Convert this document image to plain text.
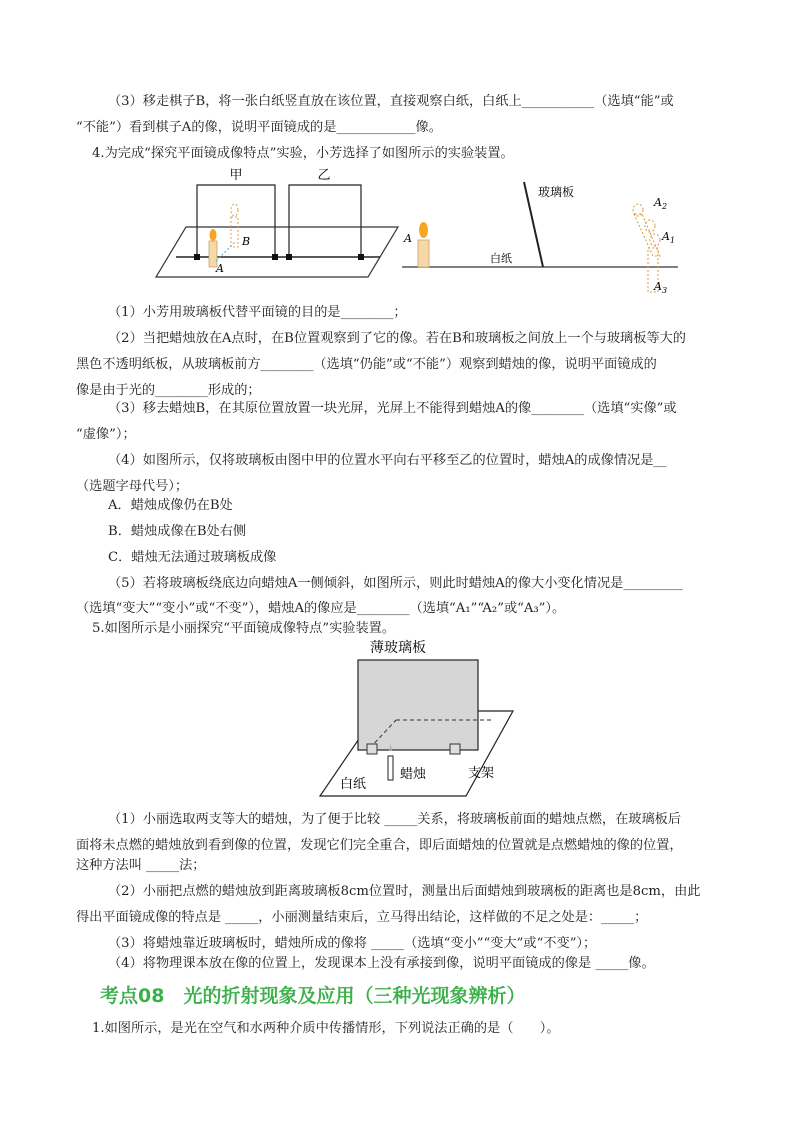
（3）移走棋子B，将一张白纸竖直放在该位置，直接观察白纸，白纸上___________（选填“能”或
“不能”）看到棋子A的像，说明平面镜成的是____________像。
4.为完成“探究平面镜成像特点”实验，小芳选择了如图所示的实验装置。
（1）小芳用玻璃板代替平面镜的目的是________；
（2）当把蜡烛放在A点时，在B位置观察到了它的像。若在B和玻璃板之间放上一个与玻璃板等大的
黑色不透明纸板，从玻璃板前方________（选填“仍能”或“不能”）观察到蜡烛的像，说明平面镜成的
像是由于光的________形成的；
（3）移去蜡烛B，在其原位置放置一块光屏，光屏上不能得到蜡烛A的像________（选填“实像”或
“虚像”）；
（4）如图所示，仅将玻璃板由图中甲的位置水平向右平移至乙的位置时，蜡烛A的成像情况是__
（选题字母代号）；
A．蜡烛成像仍在B处
B．蜡烛成像在B处右侧
C．蜡烛无法通过玻璃板成像
（5）若将玻璃板绕底边向蜡烛A一侧倾斜，如图所示，则此时蜡烛A的像大小变化情况是_________
（选填“变大”“变小”或“不变”），蜡烛A的像应是________（选填“A₁”“A₂”或“A₃”）。
5.如图所示是小丽探究“平面镜成像特点”实验装置。
（1）小丽选取两支等大的蜡烛，为了便于比较 _____关系，将玻璃板前面的蜡烛点燃，在玻璃板后
面将未点燃的蜡烛放到看到像的位置，发现它们完全重合，即后面蜡烛的位置就是点燃蜡烛的像的位置，
这种方法叫 _____法；
（2）小丽把点燃的蜡烛放到距离玻璃板8cm位置时，测量出后面蜡烛到玻璃板的距离也是8cm，由此
得出平面镜成像的特点是 _____，小丽测量结束后，立马得出结论，这样做的不足之处是：_____；
（3）将蜡烛靠近玻璃板时，蜡烛所成的像将 _____（选填“变小”“变大”或“不变”）；
（4）将物理课本放在像的位置上，发现课本上没有承接到像，说明平面镜成的像是 _____像。
1.如图所示，是光在空气和水两种介质中传播情形，下列说法正确的是（　　）。
考点08　光的折射现象及应用（三种光现象辨析）
甲	乙
B
A
玻璃板
A
白纸
$A_2$
$A_1$
$A_3$
薄玻璃板
白纸
蜡烛	支架
